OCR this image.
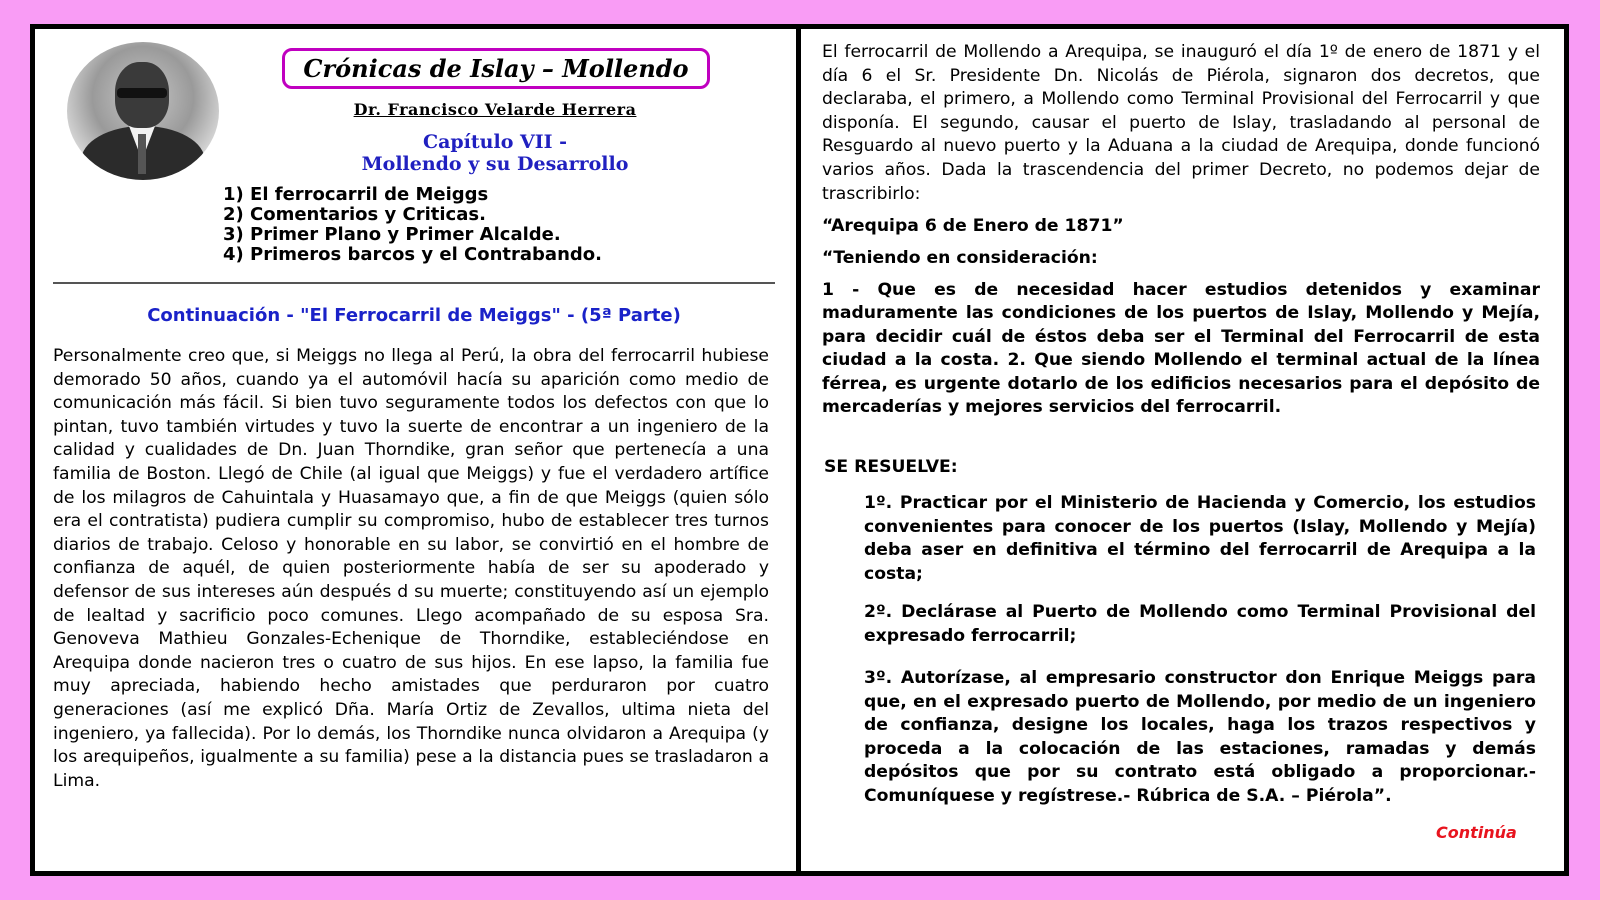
Crónicas de Islay – Mollendo
Dr. Francisco Velarde Herrera
Capítulo VII -
Mollendo y su Desarrollo
1) El ferrocarril de Meiggs
2) Comentarios y Criticas.
3) Primer Plano y Primer Alcalde.
4) Primeros barcos y el Contrabando.
Continuación - "El Ferrocarril de Meiggs" - (5ª Parte)

Personalmente creo que, si Meiggs no llega al Perú, la obra del ferrocarril hubiese demorado 50 años, cuando ya el automóvil hacía su aparición como medio de comunicación más fácil. Si bien tuvo seguramente todos los defectos con que lo pintan, tuvo también virtudes y tuvo la suerte de encontrar a un ingeniero de la calidad y cualidades de Dn. Juan Thorndike, gran señor que pertenecía a una familia de Boston. Llegó de Chile (al igual que Meiggs) y fue el verdadero artífice de los milagros de Cahuintala y Huasamayo que, a fin de que Meiggs (quien sólo era el contratista) pudiera cumplir su compromiso, hubo de establecer tres turnos diarios de trabajo. Celoso y honorable en su labor, se convirtió en el hombre de confianza de aquél, de quien posteriormente había de ser su apoderado y defensor de sus intereses aún después d su muerte; constituyendo así un ejemplo de lealtad y sacrificio poco comunes. Llego acompañado de su esposa Sra. Genoveva Mathieu Gonzales-Echenique de Thorndike, estableciéndose en Arequipa donde nacieron tres o cuatro de sus hijos. En ese lapso, la familia fue muy apreciada, habiendo hecho amistades que perduraron por cuatro generaciones (así me explicó Dña. María Ortiz de Zevallos, ultima nieta del ingeniero, ya fallecida). Por lo demás, los Thorndike nunca olvidaron a Arequipa (y los arequipeños, igualmente a su familia) pese a la distancia pues se trasladaron a Lima.

El ferrocarril de Mollendo a Arequipa, se inauguró el día 1º de enero de 1871 y el día 6 el Sr. Presidente Dn. Nicolás de Piérola, signaron dos decretos, que declaraba, el primero, a Mollendo como Terminal Provisional del Ferrocarril y que disponía. El segundo, causar el puerto de Islay, trasladando al personal de Resguardo al nuevo puerto y la Aduana a la ciudad de Arequipa, donde funcionó varios años. Dada la trascendencia del primer Decreto, no podemos dejar de trascribirlo:

“Arequipa 6 de Enero de 1871”

“Teniendo en consideración:

1 - Que es de necesidad hacer estudios detenidos y examinar maduramente las condiciones de los puertos de Islay, Mollendo y Mejía, para decidir cuál de éstos deba ser el Terminal del Ferrocarril de esta ciudad a la costa. 2. Que siendo Mollendo el terminal actual de la línea férrea, es urgente dotarlo de los edificios necesarios para el depósito de mercaderías y mejores servicios del ferrocarril.

SE RESUELVE:

1º. Practicar por el Ministerio de Hacienda y Comercio, los estudios convenientes para conocer de los puertos (Islay, Mollendo y Mejía) deba aser en definitiva el término del ferrocarril de Arequipa a la costa;

2º. Declárase al Puerto de Mollendo como Terminal Provisional del expresado ferrocarril;

3º. Autorízase, al empresario constructor don Enrique Meiggs para que, en el expresado puerto de Mollendo, por medio de un ingeniero de confianza, designe los locales, haga los trazos respectivos y proceda a la colocación de las estaciones, ramadas y demás depósitos que por su contrato está obligado a proporcionar.- Comuníquese y regístrese.- Rúbrica de S.A. – Piérola”.

Continúa
